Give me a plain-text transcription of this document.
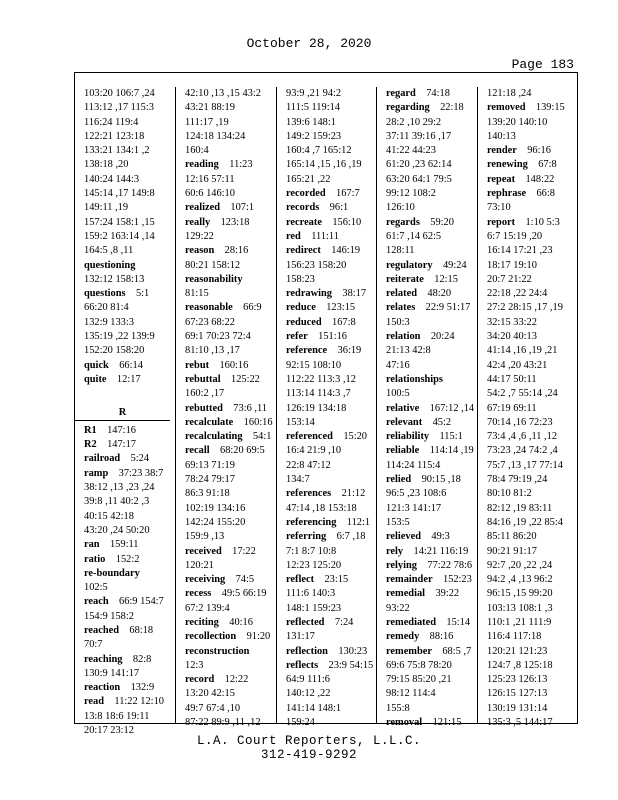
October 28, 2020
Page 183
103:20 106:7 ,24
113:12 ,17 115:3
116:24 119:4
122:21 123:18
133:21 134:1 ,2
138:18 ,20
140:24 144:3
145:14 ,17 149:8
149:11 ,19
157:24 158:1 ,15
159:2 163:14 ,14
164:5 ,8 ,11
questioning
132:12 158:13
questions  5:1
66:20 81:4
132:9 133:3
135:19 ,22 139:9
152:20 158:20
quick  66:14
quite  12:17
R
R1  147:16
R2  147:17
railroad  5:24
ramp  37:23 38:7
38:12 ,13 ,23 ,24
39:8 ,11 40:2 ,3
40:15 42:18
43:20 ,24 50:20
ran  159:11
ratio  152:2
re-boundary
102:5
reach  66:9 154:7
154:9 158:2
reached  68:18
70:7
reaching  82:8
130:9 141:17
reaction  132:9
read  11:22 12:10
13:8 18:6 19:11
20:17 23:12
42:10 ,13 ,15 43:2
43:21 88:19
111:17 ,19
124:18 134:24
160:4
reading  11:23
12:16 57:11
60:6 146:10
realized  107:1
really  123:18
129:22
reason  28:16
80:21 158:12
reasonability
81:15
reasonable  66:9
67:23 68:22
69:1 70:23 72:4
81:10 ,13 ,17
rebut  160:16
rebuttal  125:22
160:2 ,17
rebutted  73:6 ,11
recalculate  160:16
recalculating  54:1
recall  68:20 69:5
69:13 71:19
78:24 79:17
86:3 91:18
102:19 134:16
142:24 155:20
159:9 ,13
received  17:22
120:21
receiving  74:5
recess  49:5 66:19
67:2 139:4
reciting  40:16
recollection  91:20
reconstruction
12:3
record  12:22
13:20 42:15
49:7 67:4 ,10
87:22 89:9 ,11 ,12
93:9 ,21 94:2
111:5 119:14
139:6 148:1
149:2 159:23
160:4 ,7 165:12
165:14 ,15 ,16 ,19
165:21 ,22
recorded  167:7
records  96:1
recreate  156:10
red  111:11
redirect  146:19
156:23 158:20
158:23
redrawing  38:17
reduce  123:15
reduced  167:8
refer  151:16
reference  36:19
92:15 108:10
112:22 113:3 ,12
113:14 114:3 ,7
126:19 134:18
153:14
referenced  15:20
16:4 21:9 ,10
22:8 47:12
134:7
references  21:12
47:14 ,18 153:18
referencing  112:1
referring  6:7 ,18
7:1 8:7 10:8
12:23 125:20
reflect  23:15
111:6 140:3
148:1 159:23
reflected  7:24
131:17
reflection  130:23
reflects  23:9 54:15
64:9 111:6
140:12 ,22
141:14 148:1
159:24
regard  74:18
regarding  22:18
28:2 ,10 29:2
37:11 39:16 ,17
41:22 44:23
61:20 ,23 62:14
63:20 64:1 79:5
99:12 108:2
126:10
regards  59:20
61:7 ,14 62:5
128:11
regulatory  49:24
reiterate  12:15
related  48:20
relates  22:9 51:17
150:3
relation  20:24
21:13 42:8
47:16
relationships
100:5
relative  167:12 ,14
relevant  45:2
reliability  115:1
reliable  114:14 ,19
114:24 115:4
relied  90:15 ,18
96:5 ,23 108:6
121:3 141:17
153:5
relieved  49:3
rely  14:21 116:19
relying  77:22 78:6
remainder  152:23
remedial  39:22
93:22
remediated  15:14
remedy  88:16
remember  68:5 ,7
69:6 75:8 78:20
79:15 85:20 ,21
98:12 114:4
155:8
removal  121:15
121:18 ,24
removed  139:15
139:20 140:10
140:13
render  96:16
renewing  67:8
repeat  148:22
rephrase  66:8
73:10
report  1:10 5:3
6:7 15:19 ,20
16:14 17:21 ,23
18:17 19:10
20:7 21:22
22:18 ,22 24:4
27:2 28:15 ,17 ,19
32:15 33:22
34:20 40:13
41:14 ,16 ,19 ,21
42:4 ,20 43:21
44:17 50:11
54:2 ,7 55:14 ,24
67:19 69:11
70:14 ,16 72:23
73:4 ,4 ,6 ,11 ,12
73:23 ,24 74:2 ,4
75:7 ,13 ,17 77:14
78:4 79:19 ,24
80:10 81:2
82:12 ,19 83:11
84:16 ,19 ,22 85:4
85:11 86:20
90:21 91:17
92:7 ,20 ,22 ,24
94:2 ,4 ,13 96:2
96:15 ,15 99:20
103:13 108:1 ,3
110:1 ,21 111:9
116:4 117:18
120:21 121:23
124:7 ,8 125:18
125:23 126:13
126:15 127:13
130:19 131:14
135:3 ,5 144:17
L.A. Court Reporters, L.L.C.
312-419-9292
